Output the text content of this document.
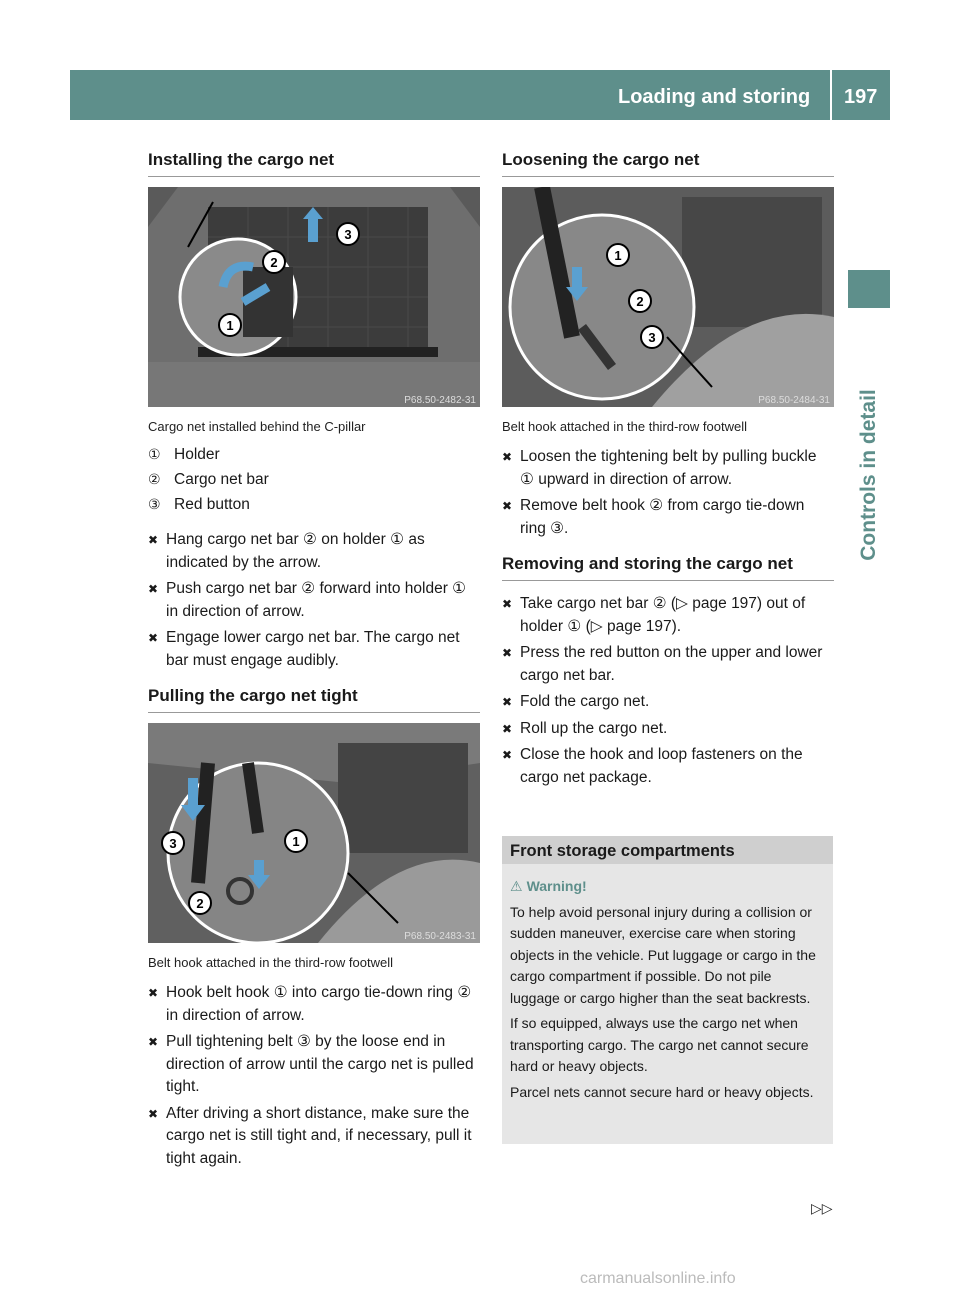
Loading and storing 197
Controls in detail
Installing the cargo net
1
2
3
P68.50-2482-31
Cargo net installed behind the C-pillar
① Holder
② Cargo net bar
③ Red button
✖ Hang cargo net bar ② on holder ① as indicated by the arrow.
✖ Push cargo net bar ② forward into holder ① in direction of arrow.
✖ Engage lower cargo net bar. The cargo net bar must engage audibly.
Pulling the cargo net tight
1
2
3
P68.50-2483-31
Belt hook attached in the third-row footwell
✖ Hook belt hook ① into cargo tie-down ring ② in direction of arrow.
✖ Pull tightening belt ③ by the loose end in direction of arrow until the cargo net is pulled tight.
✖ After driving a short distance, make sure the cargo net is still tight and, if necessary, pull it tight again.
Loosening the cargo net
1
2
3
P68.50-2484-31
Belt hook attached in the third-row footwell
✖ Loosen the tightening belt by pulling buckle ① upward in direction of arrow.
✖ Remove belt hook ② from cargo tie-down ring ③.
Removing and storing the cargo net
✖ Take cargo net bar ② (▷ page 197) out of holder ① (▷ page 197).
✖ Press the red button on the upper and lower cargo net bar.
✖ Fold the cargo net.
✖ Roll up the cargo net.
✖ Close the hook and loop fasteners on the cargo net package.
Front storage compartments

⚠ Warning!

To help avoid personal injury during a collision or sudden maneuver, exercise care when storing objects in the vehicle. Put luggage or cargo in the cargo compartment if possible. Do not pile luggage or cargo higher than the seat backrests.

If so equipped, always use the cargo net when transporting cargo. The cargo net cannot secure hard or heavy objects.

Parcel nets cannot secure hard or heavy objects.

▷▷
carmanualsonline.info
